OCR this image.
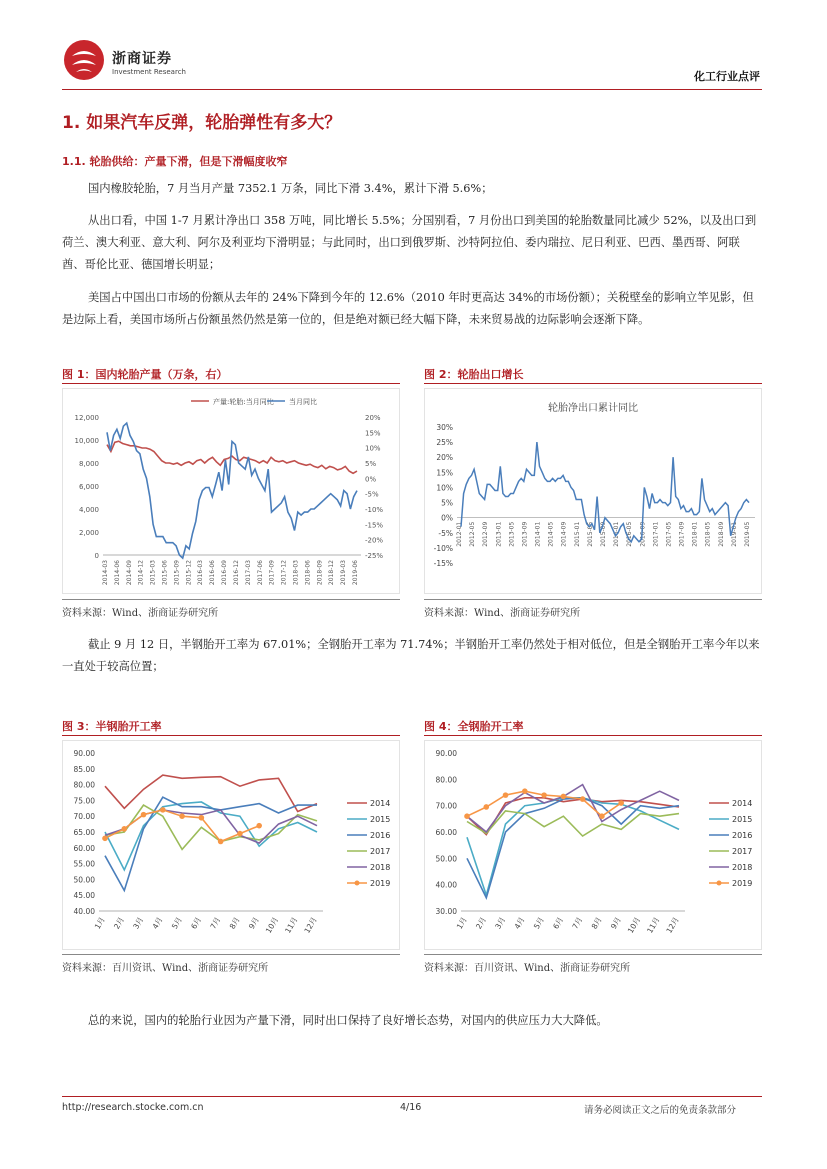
浙商证券
Investment Research	化工行业点评
1. 如果汽车反弹，轮胎弹性有多大？
1.1. 轮胎供给：产量下滑，但是下滑幅度收窄
国内橡胶轮胎，7 月当月产量 7352.1 万条，同比下滑 3.4%，累计下滑 5.6%；
从出口看，中国 1-7 月累计净出口 358 万吨，同比增长 5.5%；分国别看，7 月份出口到美国的轮胎数量同比减少 52%，以及出口到荷兰、澳大利亚、意大利、阿尔及利亚均下滑明显；与此同时，出口到俄罗斯、沙特阿拉伯、委内瑞拉、尼日利亚、巴西、墨西哥、阿联酋、哥伦比亚、德国增长明显；
美国占中国出口市场的份额从去年的 24%下降到今年的 12.6%（2010 年时更高达 34%的市场份额）；关税壁垒的影响立竿见影，但是边际上看，美国市场所占份额虽然仍然是第一位的，但是绝对额已经大幅下降，未来贸易战的边际影响会逐渐下降。
图 1：国内轮胎产量（万条，右）
12,000
10,000
8,000
6,000
4,000
2,000
0
20%
15%
10%
5%
0%
-5%
-10%
-15%
-20%
-25%
2014-03 2014-06 2014-09 2014-12 2015-03 2015-06 2015-09 2015-12 2016-03 2016-06 2016-09 2016-12 2017-03 2017-06 2017-09 2017-12 2018-03 2018-06 2018-09 2018-12 2019-03 2019-06
产量:轮胎:当月同比 当月同比
资料来源：Wind、浙商证券研究所
图 2：轮胎出口增长
轮胎净出口累计同比
30%
25%
20%
15%
10%
5%
0%
-5%
-10%
-15%
2012-01 2012-05 2012-09 2013-01 2013-05 2013-09 2014-01 2014-05 2014-09 2015-01 2015-05 2015-09 2016-01 2016-05 2016-09 2017-01 2017-05 2017-09 2018-01 2018-05 2018-09 2019-01 2019-05
资料来源：Wind、浙商证券研究所
截止 9 月 12 日，半钢胎开工率为 67.01%；全钢胎开工率为 71.74%；半钢胎开工率仍然处于相对低位，但是全钢胎开工率今年以来一直处于较高位置；
图 3：半钢胎开工率
90.00
85.00
80.00
75.00
70.00
65.00
60.00
55.00
50.00
45.00
40.00
1月 2月 3月 4月 5月 6月 7月 8月 9月 10月 11月 12月
2014
2015
2016
2017
2018
2019
资料来源：百川资讯、Wind、浙商证券研究所
图 4：全钢胎开工率
90.00
80.00
70.00
60.00
50.00
40.00
30.00
1月 2月 3月 4月 5月 6月 7月 8月 9月 10月 11月 12月
2014
2015
2016
2017
2018
2019
资料来源：百川资讯、Wind、浙商证券研究所
总的来说，国内的轮胎行业因为产量下滑，同时出口保持了良好增长态势，对国内的供应压力大大降低。
http://research.stocke.com.cn	4/16	请务必阅读正文之后的免责条款部分
